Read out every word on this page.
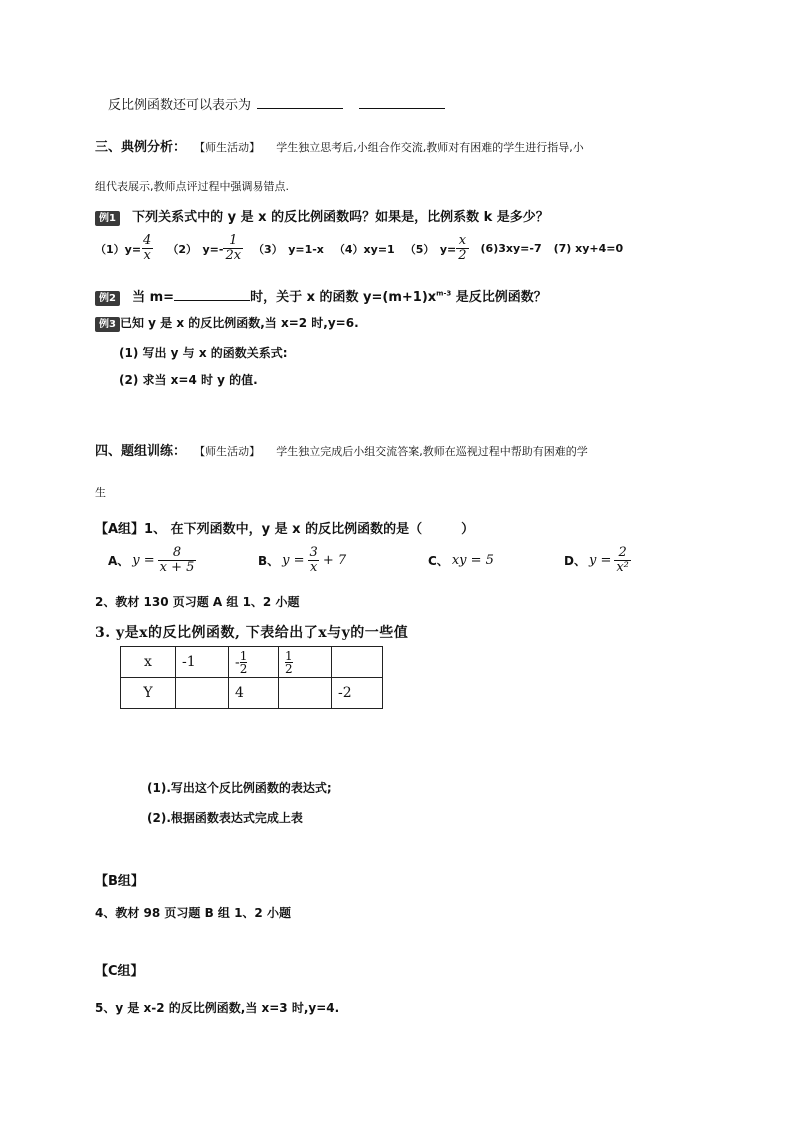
反比例函数还可以表示为
三、典例分析： 【师生活动】 学生独立思考后,小组合作交流,教师对有困难的学生进行指导,小
组代表展示,教师点评过程中强调易错点.
例1 下列关系式中的 y 是 x 的反比例函数吗？如果是，比例系数 k 是多少？
$(1)y= \frac{4}{x} (2)$　$y=- \frac{1}{2x} (3)$　y=1-x （4）xy=1 （5）　$y= \frac{x}{2} (6)3xy=-7$ (7) xy+4=0
例2 当 m=	时，关于 x 的函数 $y=(m+1)x^{m-3}$ 是反比例函数？
例3 已知 y 是 x 的反比例函数,当 x=2 时,y=6.
(1) 写出 y 与 x 的函数关系式:
(2) 求当 x=4 时 y 的值.
四、题组训练： 【师生活动】 学生独立完成后小组交流答案,教师在巡视过程中帮助有困难的学
生
【A组】1、 在下列函数中，y 是 x 的反比例函数的是（　　　）
A、 $y = \frac{8}{x + 5}$	B、 $y = \frac{3}{x} + 7$	C、 xy = 5	D、 $y = \frac{2}{\text{x²}}$
2、教材 130 页习题 A 组 1、2 小题
3. y是x的反比例函数, 下表给出了x与y的一些值
x	-1	- $\frac{1}{2}$	$\frac{1}{2}$

Y		4		-2
(1).写出这个反比例函数的表达式;
(2).根据函数表达式完成上表
【B组】
4、教材 98 页习题 B 组 1、2 小题
【C组】
5、y 是 x-2 的反比例函数,当 x=3 时,y=4.
